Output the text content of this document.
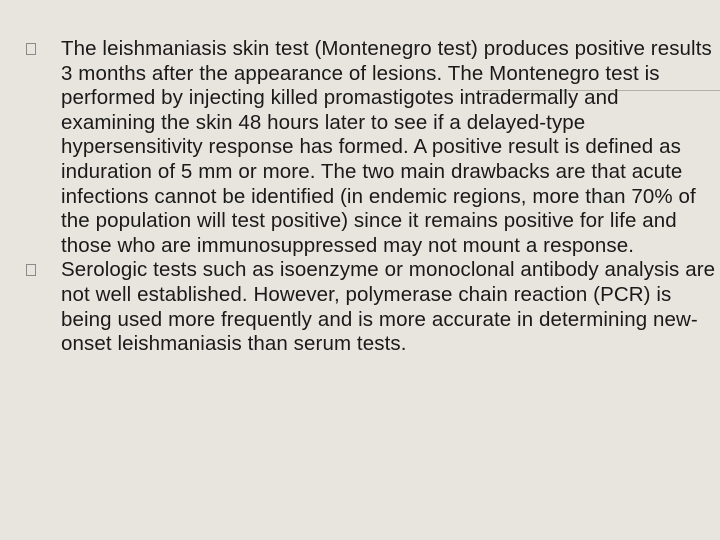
The leishmaniasis skin test (Montenegro test) produces positive results 3 months after the appearance of lesions. The Montenegro test is performed by injecting killed promastigotes intradermally and examining the skin 48 hours later to see if a delayed-type hypersensitivity response has formed. A positive result is defined as induration of 5 mm or more. The two main drawbacks are that acute infections cannot be identified (in endemic regions, more than 70% of the population will test positive) since it remains positive for life and those who are immunosuppressed may not mount a response.
Serologic tests such as isoenzyme or monoclonal antibody analysis are not well established. However, polymerase chain reaction (PCR) is being used more frequently and is more accurate in determining new-onset leishmaniasis than serum tests.
